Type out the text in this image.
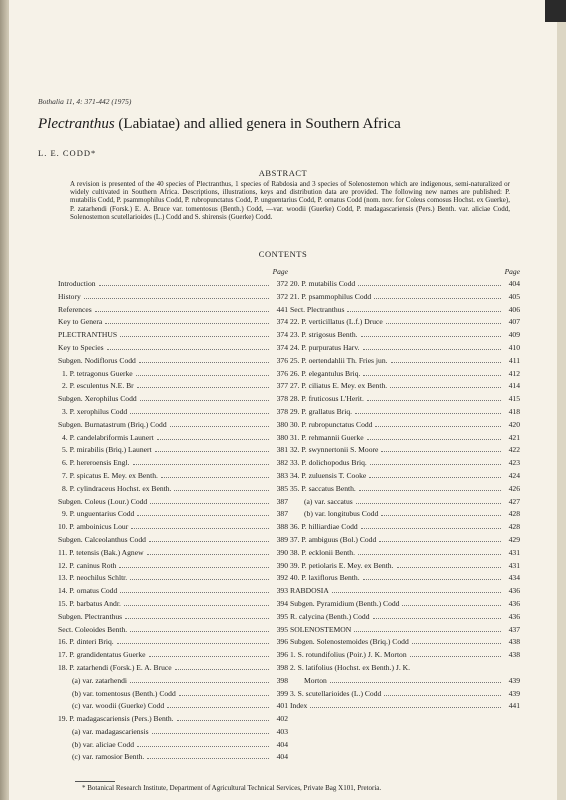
Bothalia 11, 4: 371-442 (1975)
Plectranthus (Labiatae) and allied genera in Southern Africa
L. E. CODD*
ABSTRACT
A revision is presented of the 40 species of Plectranthus, 1 species of Rabdosia and 3 species of Solenostemon which are indigenous, semi-naturalized or widely cultivated in Southern Africa. Descriptions, illustrations, keys and distribution data are provided. The following new names are published: P. mutabilis Codd, P. psammophilus Codd, P. rubropunctatus Codd, P. unguentarius Codd, P. ornatus Codd (nom. nov. for Coleus comosus Hochst. ex Guerke), P. zatarhendi (Forsk.) E. A. Bruce var. tomentosus (Benth.) Codd, —var. woodii (Guerke) Codd, P. madagascariensis (Pers.) Benth. var. aliciae Codd, Solenostemon scutellarioides (L.) Codd and S. shirensis (Guerke) Codd.
CONTENTS
Page
Introduction	372
History	372
References	441
Key to Genera	374
PLECTRANTHUS	374
Key to Species	374
Subgen. Nodiflorus Codd	376
1. P. tetragonus Guerke	376
2. P. esculentus N.E. Br	377
Subgen. Xerophilus Codd	378
3. P. xerophilus Codd	378
Subgen. Burnatastrum (Briq.) Codd	380
4. P. candelabriformis Launert	380
5. P. mirabilis (Briq.) Launert	381
6. P. hereroensis Engl.	382
7. P. spicatus E. Mey. ex Benth.	383
8. P. cylindraceus Hochst. ex Benth.	385
Subgen. Coleus (Lour.) Codd	387
9. P. unguentarius Codd	387
10. P. amboinicus Lour	388
Subgen. Calceolanthus Codd	389
11. P. tetensis (Bak.) Agnew	390
12. P. caninus Roth	390
13. P. neochilus Schltr.	392
14. P. ornatus Codd	393
15. P. barbatus Andr.	394
Subgen. Plectranthus	395
Sect. Coleoides Benth.	395
16. P. dinteri Briq.	396
17. P. grandidentatus Guerke	396
18. P. zatarhendi (Forsk.) E. A. Bruce	398
(a) var. zatarhendi	398
(b) var. tomentosus (Benth.) Codd	399
(c) var. woodii (Guerke) Codd	401
19. P. madagascariensis (Pers.) Benth.	402
(a) var. madagascariensis	403
(b) var. aliciae Codd	404
(c) var. ramosior Benth.	404
Page
20. P. mutabilis Codd	404
21. P. psammophilus Codd	405
Sect. Plectranthus	406
22. P. verticillatus (L.f.) Druce	407
23. P. strigosus Benth.	409
24. P. purpuratus Harv.	410
25. P. oertendahlii Th. Fries jun.	411
26. P. elegantulus Briq.	412
27. P. ciliatus E. Mey. ex Benth.	414
28. P. fruticosus L'Herit.	415
29. P. grallatus Briq.	418
30. P. rubropunctatus Codd	420
31. P. rehmannii Guerke	421
32. P. swynnertonii S. Moore	422
33. P. dolichopodus Briq.	423
34. P. zuluensis T. Cooke	424
35. P. saccatus Benth.	426
(a) var. saccatus	427
(b) var. longitubus Codd	428
36. P. hilliardiae Codd	428
37. P. ambiguus (Bol.) Codd	429
38. P. ecklonii Benth.	431
39. P. petiolaris E. Mey. ex Benth.	431
40. P. laxiflorus Benth.	434
RABDOSIA	436
Subgen. Pyramidium (Benth.) Codd	436
R. calycina (Benth.) Codd	436
SOLENOSTEMON	437
Subgen. Solenostemoides (Briq.) Codd	438
1. S. rotundifolius (Poir.) J. K. Morton	438
2. S. latifolius (Hochst. ex Benth.) J. K.
Morton	439
3. S. scutellarioides (L.) Codd	439
Index	441
* Botanical Research Institute, Department of Agricultural Technical Services, Private Bag X101, Pretoria.
